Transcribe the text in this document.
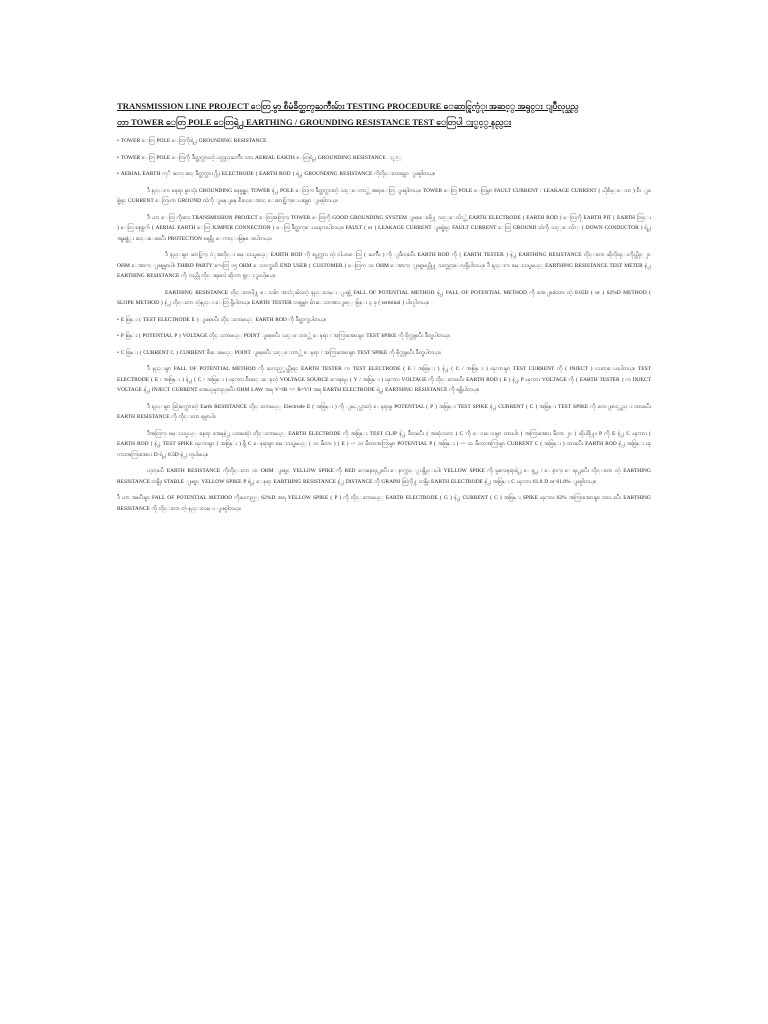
TRANSMISSION LINE PROJECT ေတြ မွာ စီမံခ်ိတ္ဆက္ႀကိဳးမ်ား TESTING PROCEDURE ေဆာင္ရြက္ပံု၊ အဆင့္ အရွင္း ျပဳလုပ္သည္
တာ TOWER ေတြ POLE ေတြရဲ႕ EARTHING / GROUNDING RESISTANCE TEST ေတြပါ ႏွင့္ နည္း
• TOWER ေတြ POLE ေတြကိုရဲ႕ GROUNDING RESISTANCE
• TOWER ေတြ POLE ေတြကို ခ်ိတ္ဆက္ထားတဲ့ ပတ္လည္ႀကိဳး သား AERIAL EARTH ေတြရဲ႕ GROUNDING RESISTANCE ႏွင့္
• AERIAL EARTH ကုိ ဆက္ ဆင္ ခ်ိတ္ဆက္ထား ႐ိုး ELECTRODE ( EARTH ROD ) ရဲ႕ GROUNDING RESISTANCE ကိုတိုင္းတာရမွာ ျဖစ္ပါတယ္။
ဒီ နည္းက နေရာ မွာသုံး GROUNDING စနစ္မွန္ရင္ TOWER နဲ႕ POLE ေတြက ခ်ိတ္ဆက္ထားတဲ့ သင့္ေတာ္တဲ့ အရာေတြ ျဖစ္ပါတယ္။ TOWER ေတြ POLE ေတြမွာ FAULT CURRENT / LEAKAGE CURRENT ( ယိုစိမ့္ေသာ ) စီး ျဖစ္ခဲ့ရင္ CURRENT ေတြဟာ GROUND ထဲကို ျမန္ျမန္ စီးဝင္ေအာင္ ေဆာင္ရြက္ေပးရမွာ ျဖစ္ပါတယ္။
ဒီ ဟာ ေတြ ကိုးစား TRANSMISSION PROJECT ေတြအတြက္ TOWER ေတြကို GOOD GROUNDING SYSTEM ျဖစ္ေစဖို႔ သင့္ေလ်ာ္တဲ့ EARTH ELECTRODE ( EARTH ROD ) ေတြကို EARTH PIT ( EARTH တြင္း ) ေတြ စနစ္တက် ( AERIAL EARTH ေတြ JUMPER CONNECTION ) ေတြ ခ်ိတ္ဆက္ေပးၾကပါတယ္။ FAULT ( or ) LEAKAGE CURRENT ျဖစ္ခဲ့ရင္ FAULT CURRENT ေတြ GROUND ထဲကို သင့္ေလ်ာ္ ( DOWN CONDUCTOR ) ရဲ႕ အျမန္ဆံုး ဆင္းေစၿပီး PROTECTION စနစ္ကို ေကာင္းမြန္ေစပါတယ္။
ဒီ နည္းမွာ ဆာင္ရြက္ ပံုအတိုင္း စမ္းသပ္ရမယ့္ EARTH ROD ကို စပ္ဆက္ထား တဲ့ ဝါယာေတြ ( ႀကိဳး ) ကို ျဖဳတ္ၿပီး EARTH ROD ကို ( EARTH TESTER ) နဲ႕ EARTHING RESISTANCE တိုင္းတာ ဆိုလိုရင္းကိုယ္တိုင္ ၂၀ OHM ေအာက္ ျဖစ္ရမွာပါ။ THIRD PARTY ကေတြ ၁၅ OHM ေလာက္အထိ END USER ( CUSTOMER ) ေတြက ၁၀ OHM ေအာက္ ျဖစ္ရမယ္လို႔ သတ္မွတ္ေလ့ရွိပါတယ္။ ဒီ နည္းက စမ္းသပ္ရမယ့္ EARTHING RESISTANCE TEST METER နဲ႕ EARTHING RESISTANCE ကို ဘယ္လို တိုင္းရမလဲ ဆိုတာ ရွင္းျပပါ့မယ္။
EARTHING RESISTANCE တိုင္းတာဖို႔ ေသခ်ာ အသံုးမ်ားတဲ့ နည္းလမ္း ျဖစ္တဲ့ FALL OF POTENTIAL METHOD နဲ႕ FALL OF POTENTIAL METHOD ကို အေျခခံထား တဲ့ 0.65D ( or ) 62%D METHOD ( SLOPE METHOD ) နဲ႕ တိုင္းတာ တဲ့နည္း ေတြ ရွိပါတယ္။ EARTH TESTER တစ္ခုမွာ မ်ားေသာအားျဖင့္ စြန္း ၃ ခု ( terminal ) ပါဝင္ပါတယ္။
• E စြန္း ( TEST ELECTRODE E ) ျဖစ္ၿပီး တိုင္းတာမယ့္ EARTH ROD ကို ခ်ိတ္ဆက္ရပါတယ္။
• P စြန္း ( POTENTIAL P ) VOLTAGE တိုင္းတာမယ့္ POINT ျဖစ္ၿပီး သင့္ေတာ္တဲ့ ေနရာ / အကြာအေဝးမွာ TEST SPIKE ကို စိုက္ထူၿပီး ခ်ိတ္ရပါတယ္။
• C စြန္း ( CURRENT C ) CURRENT စီးေစမယ့္ POINT ျဖစ္ၿပီး သင့္ေတာ္တဲ့ ေနရာ / အကြာအေဝးမွာ TEST SPIKE ကို စိုက္ထူၿပီး ခ်ိတ္ရပါတယ္။
ဒီ နည္းမွာ FALL OF POTENTIAL METHOD ကို ႀကည့္မယ္ဆိုရင္ EARTH TESTER က TEST ELECTRODE ( E / အစြန္း ) နဲ႕ ( C / အစြန္း ) ၾကားမွာ TEST CURRENT ကို ( INJECT ) လႊတ္ေပးပါတယ္။ TEST ELECTRODE ( E / အစြန္း ) နဲ႕ ( C / အစြန္း ) ၾကား စီးဆင္းေနတဲ့ VOLTAGE SOURCE ကေနရပ္ ( Y / အစြန္း ) ၾကား VOLTAGE ကို တိုင္းတာၿပီး EARTH ROD ( E ) နဲ႕ P ၾကား VOLTAGE ကို ( EARTH TESTER ) က INJECT VOLTAGE နဲ႕ INJECT CURRENT အေပၚမူတည္ၿပီး OHM LAW အရ V=IR => R=V/I အရ EARTH ELECTRODE ရဲ႕ EARTHING RESISTANCE ကို ရရွိပါတယ္။
ဒီ နည္းမွာ ဆြဲဆက္ထားတဲ့ Earth RESISTANCE တိုင္းတာမယ့္ Electrode E ( အစြန္း ) ကို ျမႇုပ္ထားတဲ့ ေနရာမွ POTENTIAL ( P ) အစြန္း TEST SPIKE နဲ႕ CURRENT ( C ) အစြန္း TEST SPIKE ကို တေျဖာင့္တည္း ထားၿပီး EARTH RESISTANCE ကို တိုင္းတာ ရမွာပါ။
ဒီအတြက္ စမ္းသပ္မယ့္ နေရာ အေနနဲ႕ ပထမဆုံး တိုင္းတာမယ့္ EARTH ELECTRODE ကို အစြန္း TEST CLIP နဲ႕ ခ်ိတ္ၿပီး ( အဆုံးသတ္ ) C ကို ေဝးေဝးမွာ ထားပါ။ ( အကြာအေဝး မီတာ ၂၀ ) ဆိုပါစို႔။ P ကို E နဲ႕ C ၾကား ( EARTH ROD ) နဲ႕ TEST SPIKE ၾကားမွာ ( အစြန္း ) ရွိ C ေနရာမွာ စမ္းသပ္ရမယ့္ ( ၁၀ မီတာ ) ( E ) -> ၁၀ မီတာအကြာမွာ POTENTIAL P ( အစြန္း ) -> ၁၀ မီတာအကြာမွာ CURRENT C ( အစြန္း ) ထားၿပီး EARTH ROD နဲ႕ အစြန္း ၾကားအကြာအေဝး D ရဲ႕ 0.5D နဲ႕ တူပါမယ္။
ဟုတ္ၿပီ EARTH RESISTANCE ကိုတိုင္းတာ ၁၀ OHM ျဖစ္ရင္ YELLOW SPIKE ကို RED ကေနေရႊ႕ၿပီး ေနာက္ထပ္ ျပန္တိုင္းပါ။ YELLOW SPIKE ကို မူလေနရာရဲ႕ ေရွ႕ / ေနာက္ ေရႊ႕ၿပီး တိုင္းတာ တဲ့ EARTHING RESISTANCE တန္ဖိုး STABLE ျဖစ္ရင္ YELLOW SPIKE P ရဲ႕ ေနရာ EARTHING RESISTANCE နဲ႕ DISTANCE ကို GRAPH ဆြဲလို႔ တန္ဖိုး EARTH ELECTRODE နဲ႕ အစြန္း C ၾကား 61.8 D or 61.8% ျဖစ္ပါတယ္။
ဒီ ဟာ အၿပီးမွာ FALL OF POTENTIAL METHOD ကိုႀကည့္ 62%D အရ YELLOW SPIKE ( P ) ကို တိုင္းတာမယ့္ EARTH ELECTRODE ( G ) နဲ႕ CURRENT ( C ) အစြန္း SPIKE ၾကား 62% အကြာအေဝးမွာ ထား ၿပီး EARTHING RESISTANCE ကို တိုင္းတာ တဲ့ နည္းလမ္း ျဖစ္ပါတယ္။
